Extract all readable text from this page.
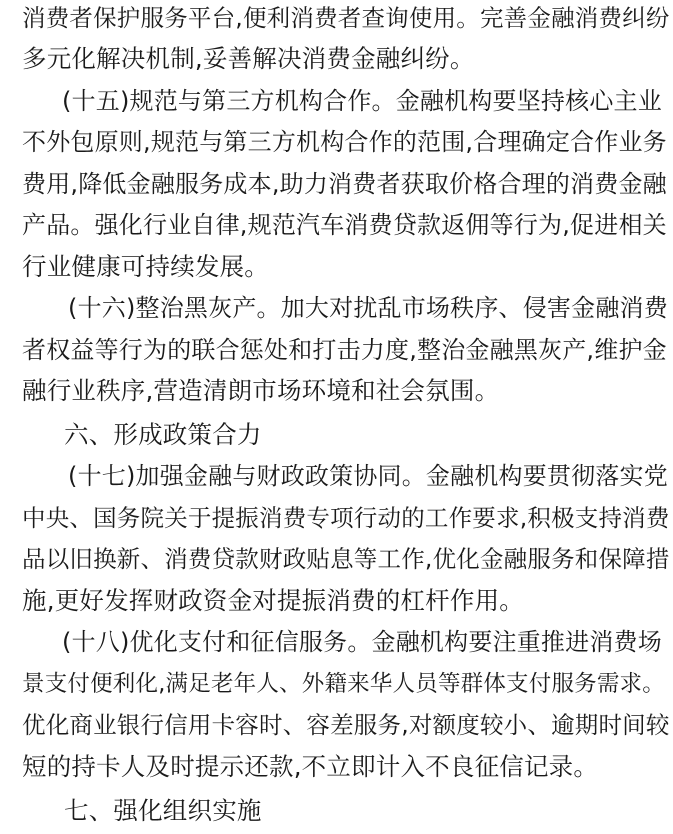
消费者保护服务平台,便利消费者查询使用。完善金融消费纠纷
多元化解决机制,妥善解决消费金融纠纷。
(十五)规范与第三方机构合作。金融机构要坚持核心主业
不外包原则,规范与第三方机构合作的范围,合理确定合作业务
费用,降低金融服务成本,助力消费者获取价格合理的消费金融
产品。强化行业自律,规范汽车消费贷款返佣等行为,促进相关
行业健康可持续发展。
(十六)整治黑灰产。加大对扰乱市场秩序、侵害金融消费
者权益等行为的联合惩处和打击力度,整治金融黑灰产,维护金
融行业秩序,营造清朗市场环境和社会氛围。
六、形成政策合力
(十七)加强金融与财政政策协同。金融机构要贯彻落实党
中央、国务院关于提振消费专项行动的工作要求,积极支持消费
品以旧换新、消费贷款财政贴息等工作,优化金融服务和保障措
施,更好发挥财政资金对提振消费的杠杆作用。
(十八)优化支付和征信服务。金融机构要注重推进消费场
景支付便利化,满足老年人、外籍来华人员等群体支付服务需求。
优化商业银行信用卡容时、容差服务,对额度较小、逾期时间较
短的持卡人及时提示还款,不立即计入不良征信记录。
七、强化组织实施
